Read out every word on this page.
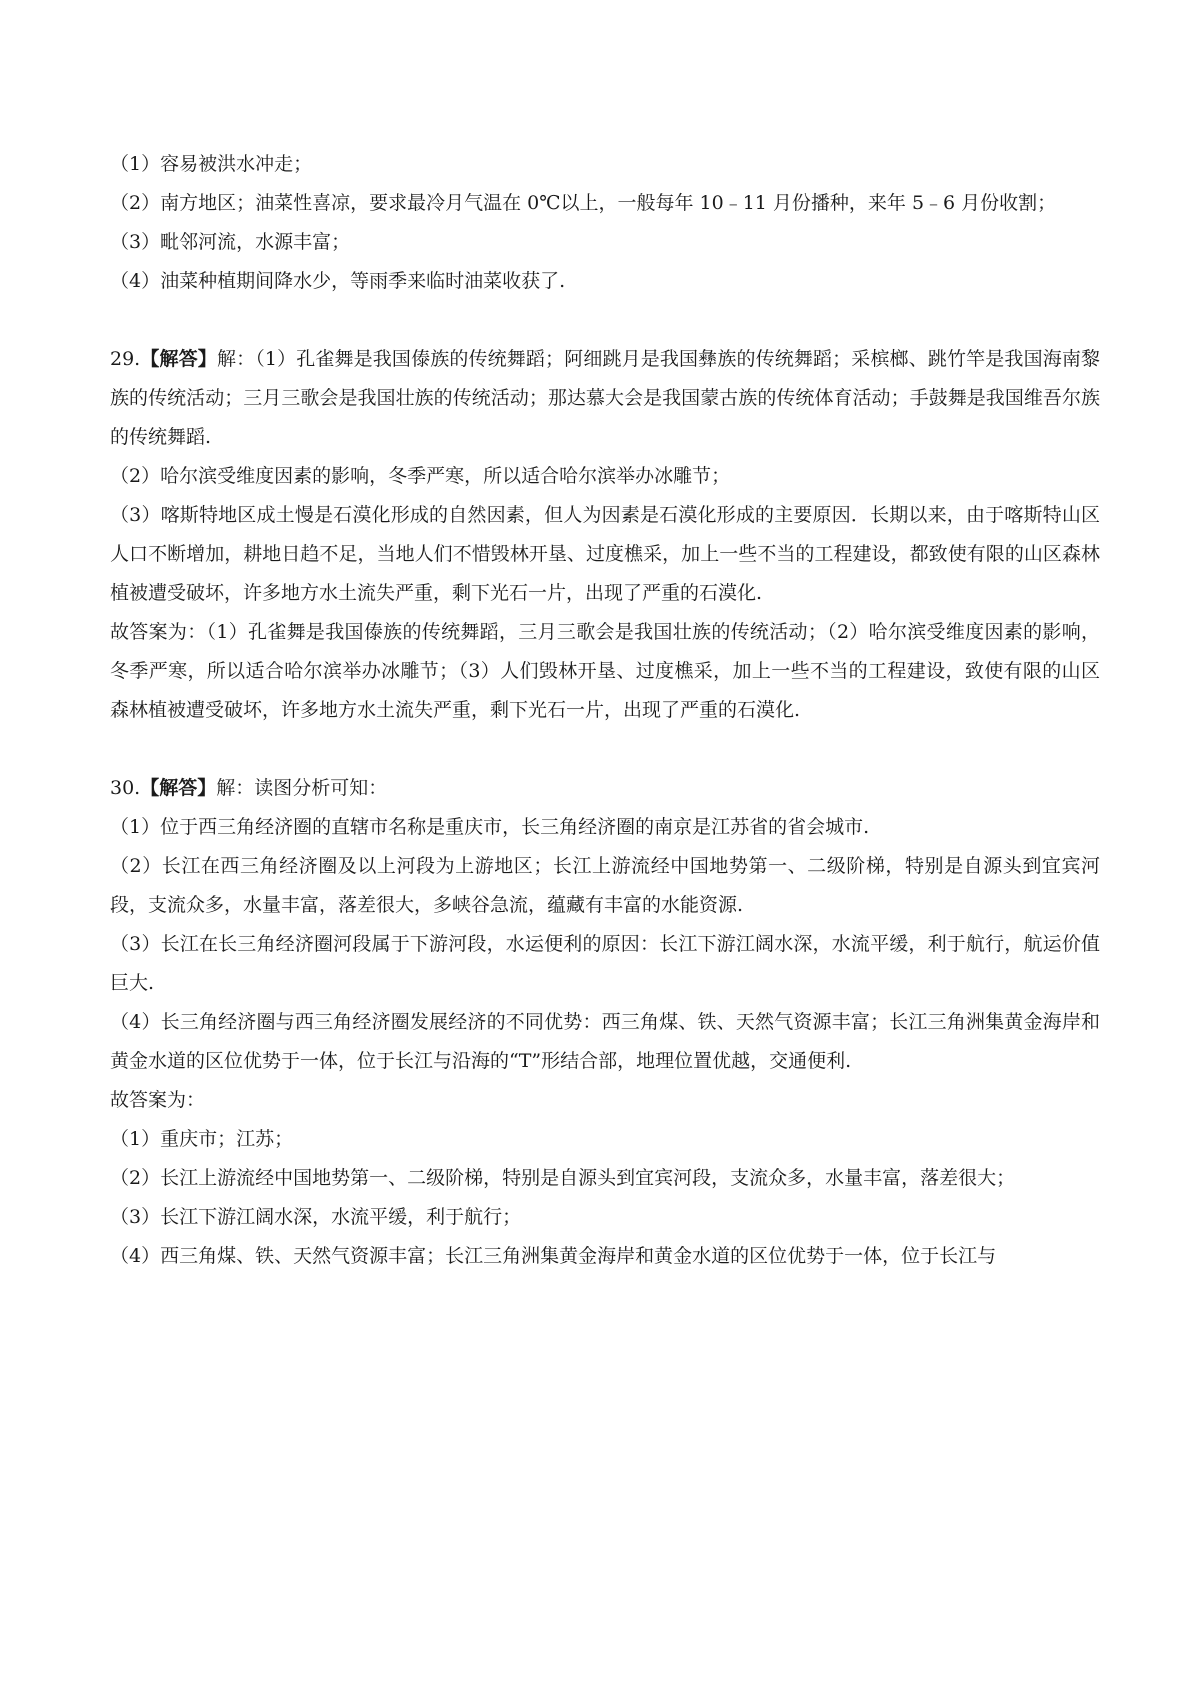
（1）容易被洪水冲走；

（2）南方地区；油菜性喜凉，要求最冷月气温在 0℃以上，一般每年 10﹣11 月份播种，来年 5﹣6 月份收割；

（3）毗邻河流，水源丰富；

（4）油菜种植期间降水少，等雨季来临时油菜收获了.

29.【解答】解：（1）孔雀舞是我国傣族的传统舞蹈；阿细跳月是我国彝族的传统舞蹈；采槟榔、跳竹竿是我国海南黎族的传统活动；三月三歌会是我国壮族的传统活动；那达慕大会是我国蒙古族的传统体育活动；手鼓舞是我国维吾尔族的传统舞蹈.

（2）哈尔滨受维度因素的影响，冬季严寒，所以适合哈尔滨举办冰雕节；

（3）喀斯特地区成土慢是石漠化形成的自然因素，但人为因素是石漠化形成的主要原因．长期以来，由于喀斯特山区人口不断增加，耕地日趋不足，当地人们不惜毁林开垦、过度樵采，加上一些不当的工程建设，都致使有限的山区森林植被遭受破坏，许多地方水土流失严重，剩下光石一片，出现了严重的石漠化.

故答案为：（1）孔雀舞是我国傣族的传统舞蹈，三月三歌会是我国壮族的传统活动；（2）哈尔滨受维度因素的影响，冬季严寒，所以适合哈尔滨举办冰雕节；（3）人们毁林开垦、过度樵采，加上一些不当的工程建设，致使有限的山区森林植被遭受破坏，许多地方水土流失严重，剩下光石一片，出现了严重的石漠化.

30.【解答】解：读图分析可知：

（1）位于西三角经济圈的直辖市名称是重庆市，长三角经济圈的南京是江苏省的省会城市.

（2）长江在西三角经济圈及以上河段为上游地区；长江上游流经中国地势第一、二级阶梯，特别是自源头到宜宾河段，支流众多，水量丰富，落差很大，多峡谷急流，蕴藏有丰富的水能资源.

（3）长江在长三角经济圈河段属于下游河段，水运便利的原因：长江下游江阔水深，水流平缓，利于航行，航运价值巨大.

（4）长三角经济圈与西三角经济圈发展经济的不同优势：西三角煤、铁、天然气资源丰富；长江三角洲集黄金海岸和黄金水道的区位优势于一体，位于长江与沿海的“T”形结合部，地理位置优越，交通便利.

故答案为：

（1）重庆市；江苏；

（2）长江上游流经中国地势第一、二级阶梯，特别是自源头到宜宾河段，支流众多，水量丰富，落差很大；

（3）长江下游江阔水深，水流平缓，利于航行；

（4）西三角煤、铁、天然气资源丰富；长江三角洲集黄金海岸和黄金水道的区位优势于一体，位于长江与
